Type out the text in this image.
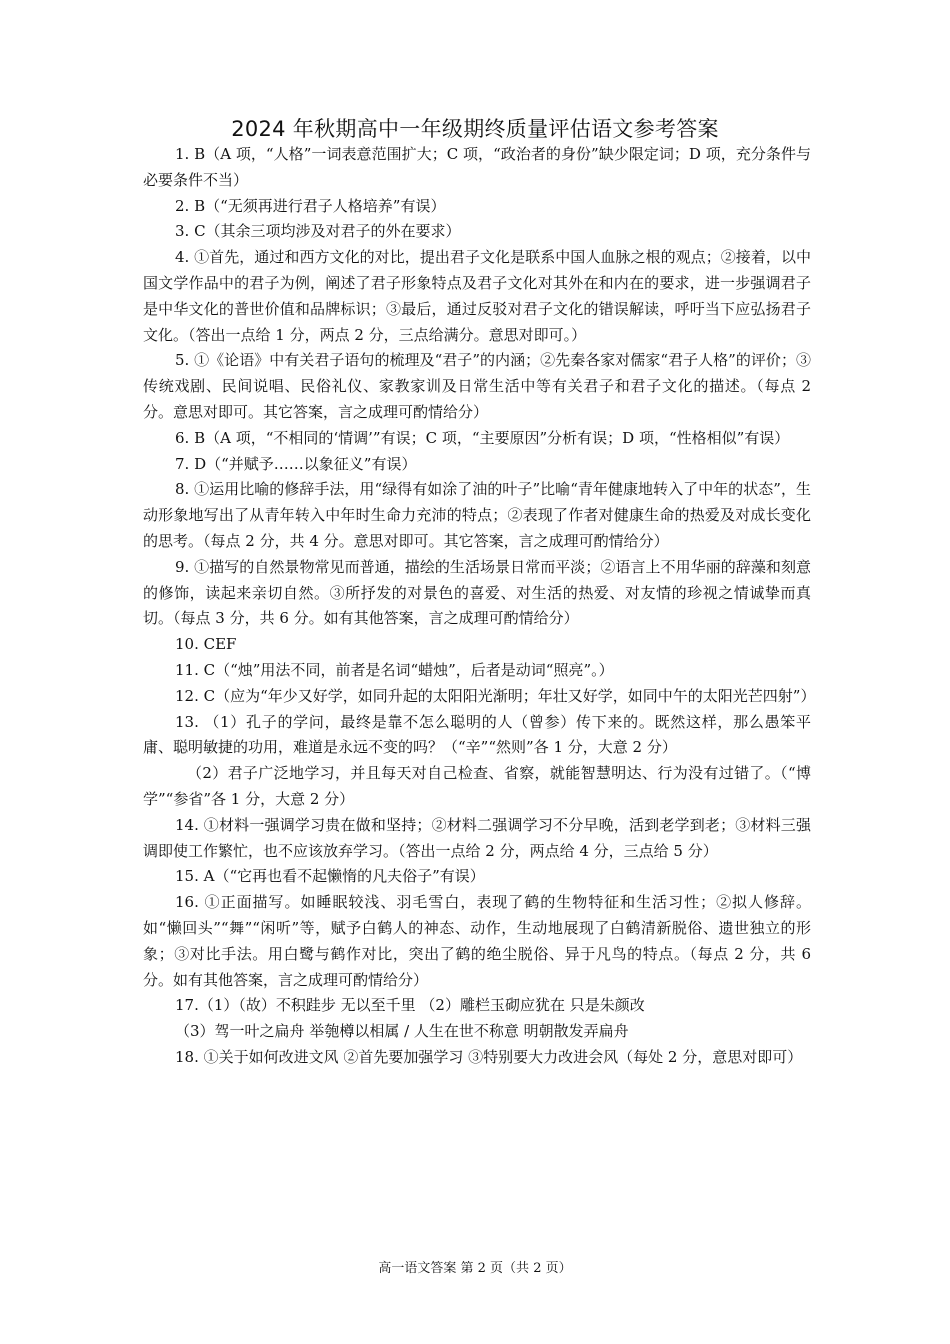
2024 年秋期高中一年级期终质量评估语文参考答案

1. B（A 项，“人格”一词表意范围扩大；C 项，“政治者的身份”缺少限定词；D 项，充分条件与必要条件不当）

2. B（“无须再进行君子人格培养”有误）

3. C（其余三项均涉及对君子的外在要求）

4. ①首先，通过和西方文化的对比，提出君子文化是联系中国人血脉之根的观点；②接着，以中国文学作品中的君子为例，阐述了君子形象特点及君子文化对其外在和内在的要求，进一步强调君子是中华文化的普世价值和品牌标识；③最后，通过反驳对君子文化的错误解读，呼吁当下应弘扬君子文化。（答出一点给 1 分，两点 2 分，三点给满分。意思对即可。）

5. ①《论语》中有关君子语句的梳理及“君子”的内涵；②先秦各家对儒家“君子人格”的评价；③传统戏剧、民间说唱、民俗礼仪、家教家训及日常生活中等有关君子和君子文化的描述。（每点 2 分。意思对即可。其它答案，言之成理可酌情给分）

6. B（A 项，“不相同的‘情调’”有误；C 项，“主要原因”分析有误；D 项，“性格相似”有误）

7. D（“并赋予……以象征义”有误）

8. ①运用比喻的修辞手法，用“绿得有如涂了油的叶子”比喻“青年健康地转入了中年的状态”，生动形象地写出了从青年转入中年时生命力充沛的特点；②表现了作者对健康生命的热爱及对成长变化的思考。（每点 2 分，共 4 分。意思对即可。其它答案，言之成理可酌情给分）

9. ①描写的自然景物常见而普通，描绘的生活场景日常而平淡；②语言上不用华丽的辞藻和刻意的修饰，读起来亲切自然。③所抒发的对景色的喜爱、对生活的热爱、对友情的珍视之情诚挚而真切。（每点 3 分，共 6 分。如有其他答案，言之成理可酌情给分）

10. CEF

11. C（“烛”用法不同，前者是名词“蜡烛”，后者是动词“照亮”。）

12. C（应为“年少又好学，如同升起的太阳阳光渐明；年壮又好学，如同中午的太阳光芒四射”）

13. （1）孔子的学问，最终是靠不怎么聪明的人（曾参）传下来的。既然这样，那么愚笨平庸、聪明敏捷的功用，难道是永远不变的吗？（“辛”“然则”各 1 分，大意 2 分）

（2）君子广泛地学习，并且每天对自己检查、省察，就能智慧明达、行为没有过错了。（“博学”“参省”各 1 分，大意 2 分）

14. ①材料一强调学习贵在做和坚持；②材料二强调学习不分早晚，活到老学到老；③材料三强调即使工作繁忙，也不应该放弃学习。（答出一点给 2 分，两点给 4 分，三点给 5 分）

15. A（“它再也看不起懒惰的凡夫俗子”有误）

16. ①正面描写。如睡眠较浅、羽毛雪白，表现了鹤的生物特征和生活习性；②拟人修辞。如“懒回头”“舞”“闲听”等，赋予白鹤人的神态、动作，生动地展现了白鹤清新脱俗、遗世独立的形象；③对比手法。用白鹭与鹤作对比，突出了鹤的绝尘脱俗、异于凡鸟的特点。（每点 2 分，共 6 分。如有其他答案，言之成理可酌情给分）

17.（1）（故）不积跬步 无以至千里 （2）雕栏玉砌应犹在 只是朱颜改

（3）驾一叶之扁舟 举匏樽以相属 / 人生在世不称意 明朝散发弄扁舟

18. ①关于如何改进文风 ②首先要加强学习 ③特别要大力改进会风（每处 2 分，意思对即可）

高一语文答案 第 2 页（共 2 页）
